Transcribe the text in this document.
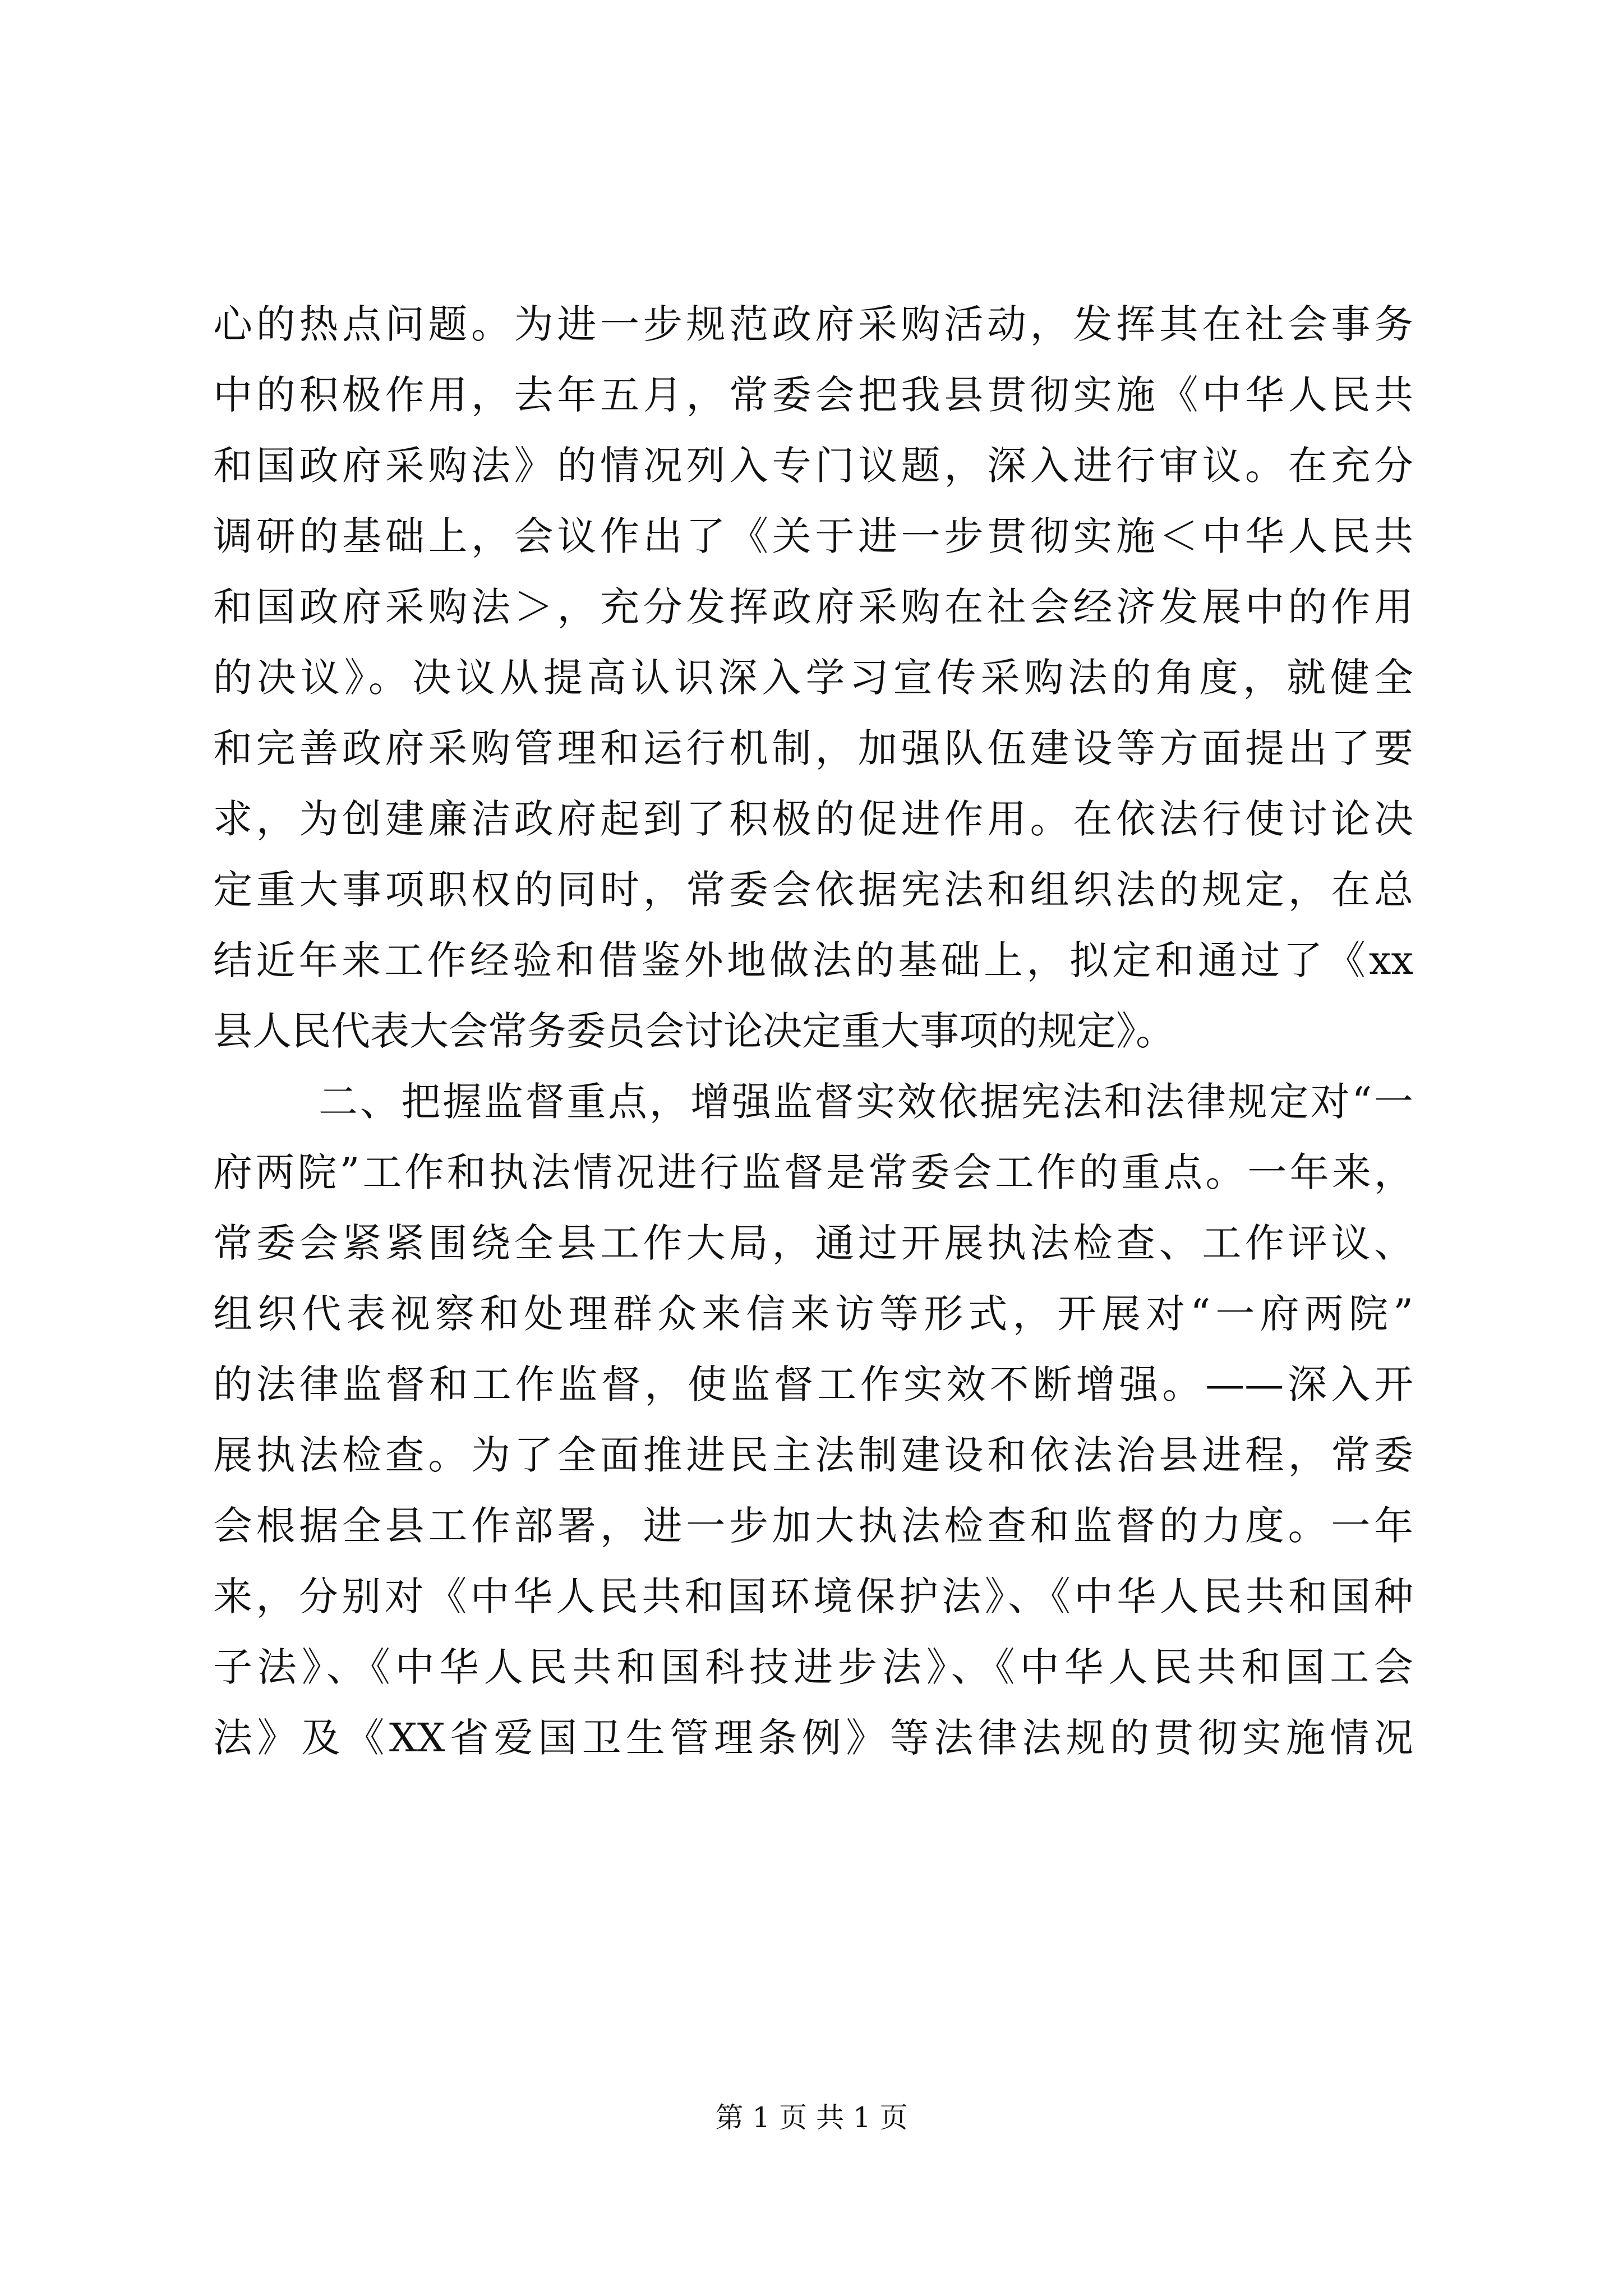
心的热点问题。为进一步规范政府采购活动，发挥其在社会事务
中的积极作用，去年五月，常委会把我县贯彻实施《中华人民共
和国政府采购法》的情况列入专门议题，深入进行审议。在充分
调研的基础上，会议作出了《关于进一步贯彻实施＜中华人民共
和国政府采购法＞，充分发挥政府采购在社会经济发展中的作用
的决议》。决议从提高认识深入学习宣传采购法的角度，就健全
和完善政府采购管理和运行机制，加强队伍建设等方面提出了要
求，为创建廉洁政府起到了积极的促进作用。在依法行使讨论决
定重大事项职权的同时，常委会依据宪法和组织法的规定，在总
结近年来工作经验和借鉴外地做法的基础上，拟定和通过了《xx
县人民代表大会常务委员会讨论决定重大事项的规定》。
二、把握监督重点，增强监督实效依据宪法和法律规定对“一
府两院”工作和执法情况进行监督是常委会工作的重点。一年来，
常委会紧紧围绕全县工作大局，通过开展执法检查、工作评议、
组织代表视察和处理群众来信来访等形式，开展对“一府两院”
的法律监督和工作监督，使监督工作实效不断增强。——深入开
展执法检查。为了全面推进民主法制建设和依法治县进程，常委
会根据全县工作部署，进一步加大执法检查和监督的力度。一年
来，分别对《中华人民共和国环境保护法》、《中华人民共和国种
子法》、《中华人民共和国科技进步法》、《中华人民共和国工会
法》及《XX省爱国卫生管理条例》等法律法规的贯彻实施情况
第 1 页 共 1 页
